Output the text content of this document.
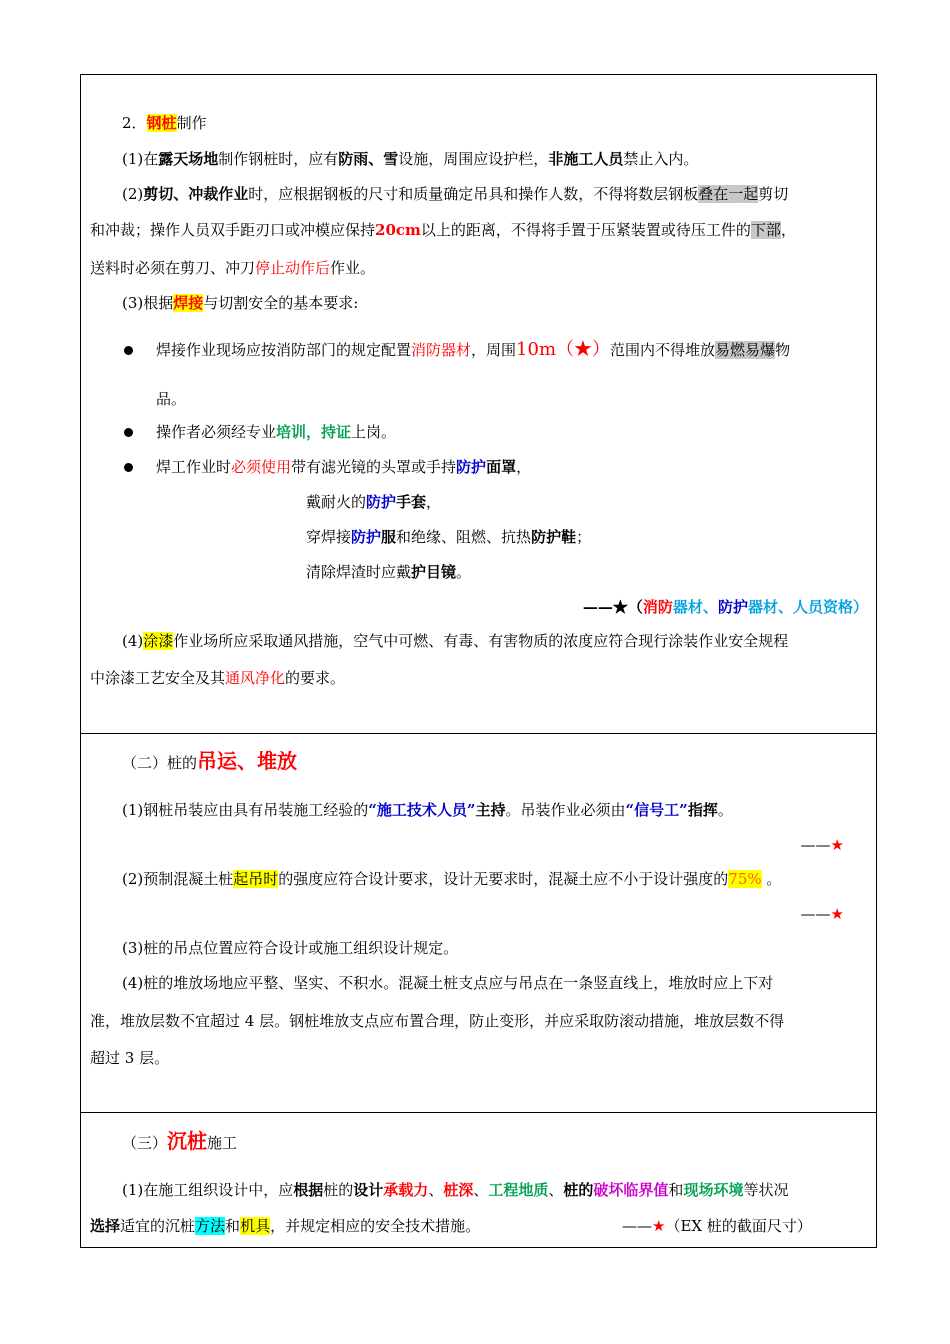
2．钢桩制作
(1)在露天场地制作钢桩时，应有防雨、雪设施，周围应设护栏，非施工人员禁止入内。
(2)剪切、冲裁作业时，应根据钢板的尺寸和质量确定吊具和操作人数，不得将数层钢板叠在一起剪切
和冲裁；操作人员双手距刃口或冲模应保持20cm以上的距离，不得将手置于压紧装置或待压工件的下部，
送料时必须在剪刀、冲刀停止动作后作业。
(3)根据焊接与切割安全的基本要求:
焊接作业现场应按消防部门的规定配置消防器材，周围10m（★）范围内不得堆放易燃易爆物
品。
操作者必须经专业培训，持证上岗。
焊工作业时必须使用带有滤光镜的头罩或手持防护面罩，
戴耐火的防护手套，
穿焊接防护服和绝缘、阻燃、抗热防护鞋；
清除焊渣时应戴护目镜。
——★（消防器材、防护器材、人员资格）
(4)涂漆作业场所应采取通风措施，空气中可燃、有毒、有害物质的浓度应符合现行涂装作业安全规程
中涂漆工艺安全及其通风净化的要求。
（二）桩的吊运、堆放
(1)钢桩吊装应由具有吊装施工经验的“施工技术人员”主持。吊装作业必须由“信号工”指挥。
——★
(2)预制混凝土桩起吊时的强度应符合设计要求，设计无要求时，混凝土应不小于设计强度的75% 。
——★
(3)桩的吊点位置应符合设计或施工组织设计规定。
(4)桩的堆放场地应平整、坚实、不积水。混凝土桩支点应与吊点在一条竖直线上，堆放时应上下对
准，堆放层数不宜超过 4 层。钢桩堆放支点应布置合理，防止变形，并应采取防滚动措施，堆放层数不得
超过 3 层。
（三）沉桩施工
(1)在施工组织设计中，应根据桩的设计承载力、桩深、工程地质、桩的破坏临界值和现场环境等状况
选择适宜的沉桩方法和机具，并规定相应的安全技术措施。	——★（EX 桩的截面尺寸）
